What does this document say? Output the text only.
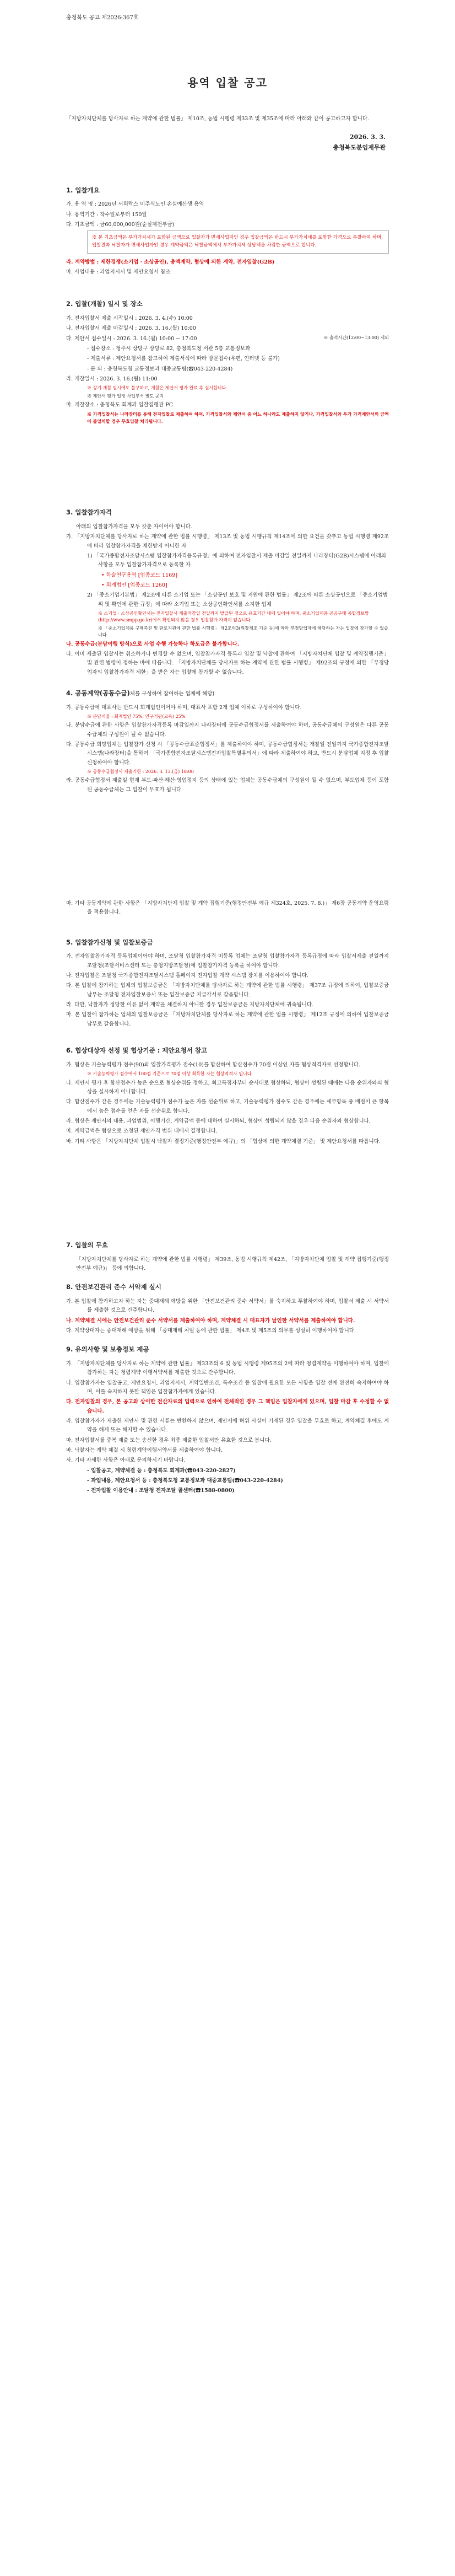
충청북도 공고 제2026-367호
용역 입찰 공고

「지방자치단체를 당사자로 하는 계약에 관한 법률」 제10조, 동법 시행령 제33조 및 제35조에 따라 아래와 같이 공고하고자 합니다.

2026. 3. 3.
충청북도분임재무관
1. 입찰개요

가. 용 역 명 : 2026년 서희락스 미주식노인 손실예산생 용역

나. 용역기간 : 착수일로부터 150일

다. 기초금액 : 금60,000,000원(순실제천부금)

※ 본 기초금액은 부가가치세가 포함된 금액으로 입찰자가 면세사업자인 경우 입찰금액은 반드시 부가가치세를 포함한 가격으로 투찰하여 하며, 입찰결과 낙찰자가 면세사업자인 경우 계약금액은 낙찰금액에서 부가가치세 상당액을 차감한 금액으로 합니다.

라. 계약방법 : 제한경쟁(소기업 · 소상공인), 총액계약, 협상에 의한 계약, 전자입찰(G2B)

마. 사업내용 : 과업지시서 및 제안요청서 참조

2. 입찰(개찰) 일시 및 장소

가. 전자입찰서 제출 시작일시 : 2026. 3. 4.(수) 10:00

나. 전자입찰서 제출 마감일시 : 2026. 3. 16.(월) 10:00

다. 제안서 접수일시 : 2026. 3. 16.(월) 10:00 ~ 17:00	※ 출석시간(12:00~13:00) 제외

- 접수장소 : 청주시 상당구 상당로 82, 충청북도청 서관 5층 교통정보과

- 제출서류 : 제안요청서를 참고하여 제출서식에 따라 방문접수(우편, 인터넷 등 불가)

- 문 의 : 충청북도청 교통정보과 대중교통팀(☎043-220-4284)

라. 개찰일시 : 2026. 3. 16.(월) 11:00

※ 상기 개찰 일시에도 불구하고, 개찰은 제안서 평가 완료 후 실시합니다.

※ 제안서 평가 일정 사업부서 별도 공지

마. 개찰장소 : 충청북도 회계과 입찰집행관 PC

※ 가격입찰서는 나라장터를 통해 전자입찰로 제출하여 하며, 가격입찰서와 제안서 중 어느 하나라도 제출하지 않거나, 가격입찰서와 우가 가격제안서의 금액이 불일치할 경우 무효입찰 처리됩니다.

3. 입찰참가자격

아래의 입찰참가자격을 모두 갖춘 자이어야 합니다.

가. 「지방자치단체를 당사자로 하는 계약에 관한 법률 시행령」 제13조 및 동법 시행규칙 제14조에 의한 요건을 갖추고 동법 시행령 제92조에 따라 입찰참가자격을 제한받지 아니한 자

1) 「국가종합전자조달시스템 입찰참가자격등록규정」에 의하여 전자입찰서 제출 마감일 전일까지 나라장터(G2B)시스템에 아래의 사항을 모두 입찰참가자격으로 등록한 자

• 학술연구용역 [업종코드 1169]

• 회계법인 [업종코드 1260]

2) 「중소기업기본법」 제2조에 따른 소기업 또는 「소상공인 보호 및 지원에 관한 법률」 제2조에 따른 소상공인으로 「중소기업범위 및 확인에 관한 규정」에 따라 소기업 또는 소상공인확인서를 소지한 업체

※ 소기업 · 소상공인확인서는 전자입찰서 제출마감일 전일까지 발급된 것으로 유효기간 내에 있어야 하며, 중소기업제품 공공구매 종합정보망(http://www.smpp.go.kr)에서 확인되지 않을 경우 입찰참가 자격이 없습니다.

※ 「중소기업제품 구매촉진 및 판로지원에 관한 법률 시행령」 제2조의3(위장제조 기준 등)에 따라 부정당업자에 해당하는 자는 입찰에 참가할 수 없습니다.

나. 공동수급(분담이행 방식)으로 사업 수행 가능하나 하도급은 불가합니다.

다. 이미 제출된 입찰서는 취소하거나 변경할 수 없으며, 입찰참가자격 등록과 입찰 및 낙찰에 관하여 「지방자치단체 입찰 및 계약집행기준」 및 관련 법령이 정하는 바에 따릅니다. 「지방자치단체를 당사자로 하는 계약에 관한 법률 시행령」 제92조의 규정에 의한 「부정당업자의 입찰참가자격 제한」을 받은 자는 입찰에 참가할 수 없습니다.

4. 공동계약(공동수급)체를 구성하여 참여하는 업체에 해당)

가. 공동수급에 대표사는 반드시 회계법인이어야 하며, 대표사 포함 2개 업체 이하로 구성하여야 합니다.

※ 분담비율 : 회계법인 75%, 연구기관(교육) 25%

나. 분담수급에 관한 사항은 입찰참가자격등록 마감일까지 나라장터에 공동수급협정서를 제출하여야 하며, 공동수급체의 구성원은 다른 공동수급체의 구성원이 될 수 없습니다.

다. 공동수급 희망업체는 입찰참가 신청 시 「공동수급표준협정서」를 제출하여야 하며, 공동수급협정서는 개찰일 전일까지 국가종합전자조달시스템(나라장터)을 통하여 「국가종합전자조달시스템전자입찰특별유의서」에 따라 제출하여야 하고, 반드시 분담업체 지정 후 입찰 신청하여야 합니다.

※ 공동수급협정서 제출기한 : 2026. 3. 13.(금) 18:00

라. 공동수급협정서 제출일 현재 부도·파산·해산·영업정지 등의 상태에 있는 업체는 공동수급체의 구성원이 될 수 없으며, 부도업체 등이 포함된 공동수급체는 그 입찰이 무효가 됩니다.

마. 기타 공동계약에 관한 사항은 「지방자치단체 입찰 및 계약 집행기준(행정안전부 예규 제324호, 2025. 7. 8.)」 제6장 공동계약 운영요령을 적용합니다.

5. 입찰참가신청 및 입찰보증금

가. 전자입찰참가자격 등록업체이어야 하며, 조달청 입찰참가자격 미등록 업체는 조달청 입찰참가자격 등록규정에 따라 입찰서제출 전일까지 조달청(조달서비스센터 또는 충청지방조달청)에 입찰참가자격 등록을 하여야 합니다.

나. 전자입찰은 조달청 국가종합전자조달시스템 홈페이지 전자입찰 계약 시스템 장치를 이용하여야 합니다.

다. 본 입찰에 참가하는 업체의 입찰보증금은 「지방자치단체를 당사자로 하는 계약에 관한 법률 시행령」 제37조 규정에 의하여, 입찰보증금 납부는 조달청 전자입찰보증서 또는 입찰보증금 지급각서로 갈음합니다.

라. 다만, 낙찰자가 정당한 이유 없이 계약을 체결하지 아니한 경우 입찰보증금은 지방자치단체에 귀속됩니다.

마. 본 입찰에 참가하는 업체의 입찰보증금은 「지방자치단체를 당사자로 하는 계약에 관한 법률 시행령」 제12조 규정에 의하여 입찰보증금 납부로 갈음합니다.

6. 협상대상자 선정 및 협상기준 : 제안요청서 참고

가. 협상은 기술능력평가 점수(90)와 입찰가격평가 점수(10)를 합산하여 합산점수가 70점 이상인 자를 협상적격자로 선정합니다.

※ 기술능력평가 점수에서 100점 기준으로 70점 이상 획득한 자는 협상적격자 입니다.

나. 제안서 평가 후 합산점수가 높은 순으로 협상순위를 정하고, 최고득점자부터 순서대로 협상하되, 협상이 성립된 때에는 다음 순위자와의 협상을 실시하지 아니합니다.

다. 합산점수가 같은 경우에는 기술능력평가 점수가 높은 자를 선순위로 하고, 기술능력평가 점수도 같은 경우에는 세부항목 중 배점이 큰 항목에서 높은 점수를 얻은 자를 선순위로 합니다.

라. 협상은 제안서의 내용, 과업범위, 이행기간, 계약금액 등에 대하여 실시하되, 협상이 성립되지 않을 경우 다음 순위자와 협상합니다.

마. 계약금액은 협상으로 조정된 제안가격 범위 내에서 결정합니다.

바. 기타 사항은 「지방자치단체 입찰시 낙찰자 결정기준(행정안전부 예규)」의 「협상에 의한 계약체결 기준」 및 제안요청서를 따릅니다.

7. 입찰의 무효

「지방자치단체를 당사자로 하는 계약에 관한 법률 시행령」 제39조, 동법 시행규칙 제42조, 「지방자치단체 입찰 및 계약 집행기준(행정안전부 예규)」 등에 의합니다.

8. 안전보건관리 준수 서약제 실시

가. 본 입찰에 참가하고자 하는 자는 중대재해 예방을 위한 「안전보건관리 준수 서약서」를 숙지하고 투찰하여야 하며, 입찰서 제출 시 서약서를 제출한 것으로 간주합니다.

나. 계약체결 시에는 안전보건관리 준수 서약서를 제출하여야 하며, 계약체결 시 대표자가 날인한 서약서를 제출하여야 합니다.

다. 계약상대자는 중대재해 예방을 위해 「중대재해 처벌 등에 관한 법률」 제4조 및 제5조의 의무를 성실히 이행하여야 합니다.

9. 유의사항 및 보충정보 제공

가. 「지방자치단체를 당사자로 하는 계약에 관한 법률」 제33조의 6 및 동법 시행령 제95조의 2에 따라 청렴계약을 이행하여야 하며, 입찰에 참가하는 자는 청렴계약 이행서약서를 제출한 것으로 간주합니다.

나. 입찰참가자는 입찰공고, 제안요청서, 과업지시서, 계약일반조건, 특수조건 등 입찰에 필요한 모든 사항을 입찰 전에 완전히 숙지하여야 하며, 이를 숙지하지 못한 책임은 입찰참가자에게 있습니다.

다. 전자입찰의 경우, 본 공고와 상이한 전산자료의 입력으로 인하여 전체적인 경우 그 책임은 입찰자에게 있으며, 입찰 마감 후 수정할 수 없습니다.

라. 입찰참가자가 제출한 제안서 및 관련 서류는 반환하지 않으며, 제안서에 허위 사실이 기재된 경우 입찰을 무효로 하고, 계약체결 후에도 계약을 해제 또는 해지할 수 있습니다.

마. 전자입찰서를 중복 제출 또는 송신한 경우 최종 제출한 입찰서만 유효한 것으로 봅니다.

바. 낙찰자는 계약 체결 시 청렴계약이행서약서를 제출하여야 합니다.

사. 기타 자세한 사항은 아래로 문의하시기 바랍니다.

- 입찰공고, 계약체결 등 : 충청북도 회계과(☎043-220-2827)

- 과업내용, 제안요청서 등 : 충청북도청 교통정보과 대중교통팀(☎043-220-4284)

- 전자입찰 이용안내 : 조달청 전자조달 콜센터(☎1588-0800)
